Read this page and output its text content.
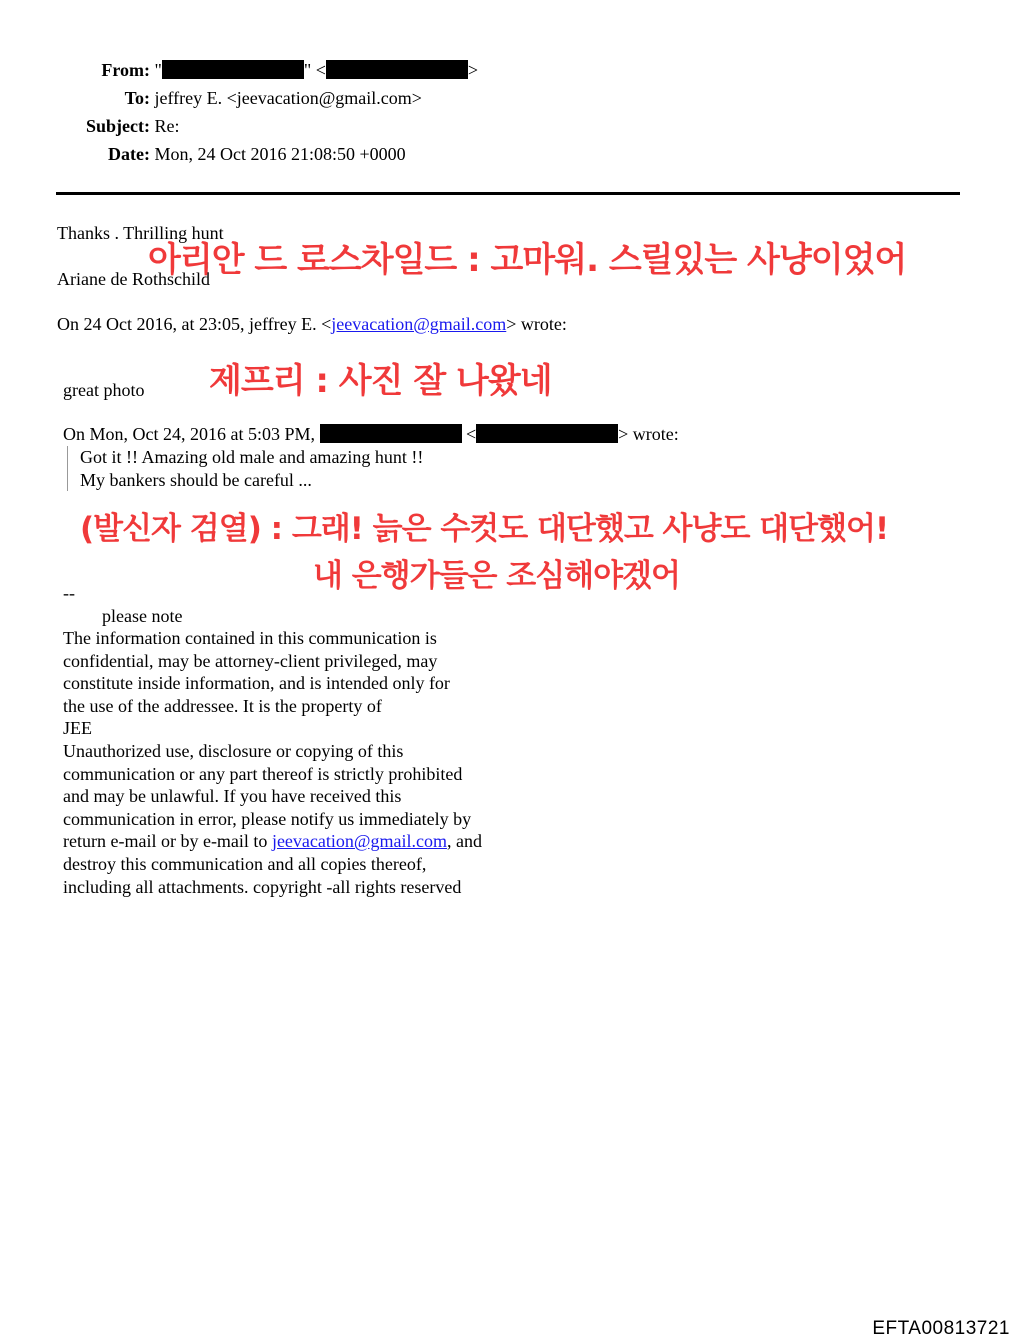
From: "	" <	>
To: jeffrey E. <jeevacation@gmail.com>
Subject: Re:
Date: Mon, 24 Oct 2016 21:08:50 +0000
Thanks . Thrilling hunt
Ariane de Rothschild
On 24 Oct 2016, at 23:05, jeffrey E. <jeevacation@gmail.com> wrote:
great photo
On Mon, Oct 24, 2016 at 5:03 PM,	<	> wrote:
Got it !! Amazing old male and amazing hunt !!
My bankers should be careful ...
--
please note
The information contained in this communication is
confidential, may be attorney-client privileged, may
constitute inside information, and is intended only for
the use of the addressee. It is the property of
JEE
Unauthorized use, disclosure or copying of this
communication or any part thereof is strictly prohibited
and may be unlawful. If you have received this
communication in error, please notify us immediately by
return e-mail or by e-mail to jeevacation@gmail.com, and
destroy this communication and all copies thereof,
including all attachments. copyright -all rights reserved
아리안 드 로스차일드 : 고마워. 스릴있는 사냥이었어
제프리 : 사진 잘 나왔네
(발신자 검열) : 그래! 늙은 수컷도 대단했고 사냥도 대단했어!
내 은행가들은 조심해야겠어
EFTA00813721
